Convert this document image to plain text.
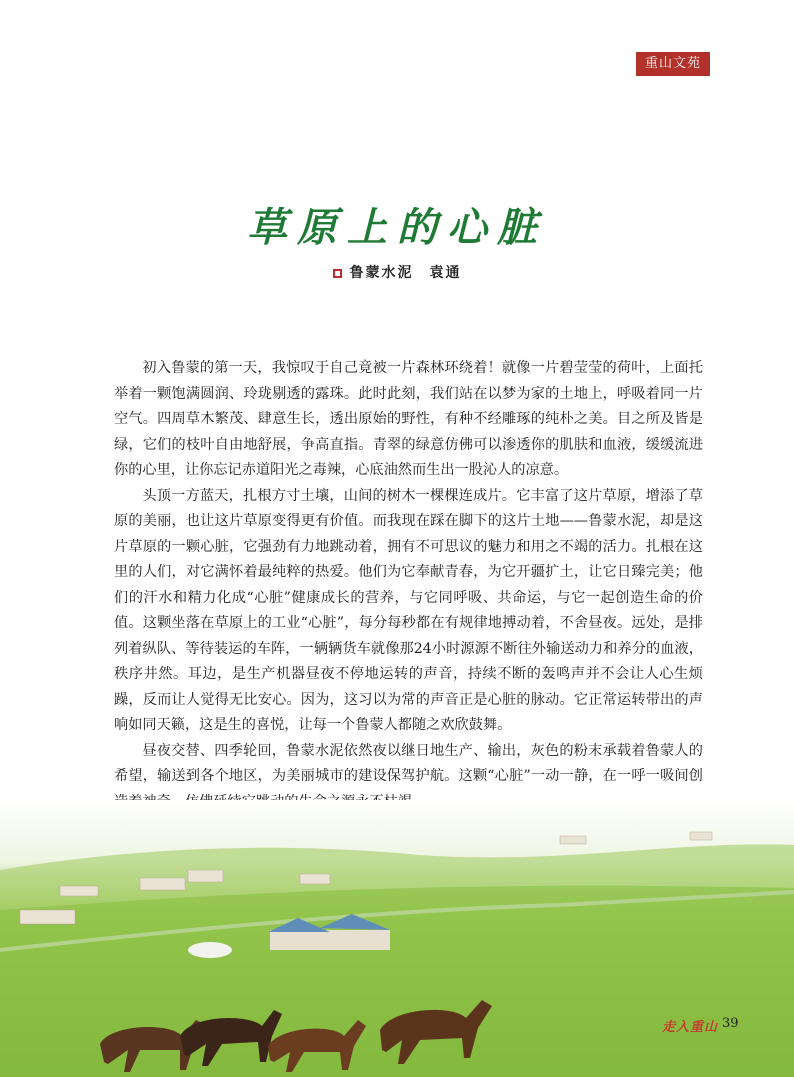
重山文苑
草原上的心脏
鲁蒙水泥 袁通

初入鲁蒙的第一天，我惊叹于自己竟被一片森林环绕着！就像一片碧莹莹的荷叶，上面托举着一颗饱满圆润、玲珑剔透的露珠。此时此刻，我们站在以梦为家的土地上，呼吸着同一片空气。四周草木繁茂、肆意生长，透出原始的野性，有种不经雕琢的纯朴之美。目之所及皆是绿，它们的枝叶自由地舒展，争高直指。青翠的绿意仿佛可以渗透你的肌肤和血液，缓缓流进你的心里，让你忘记赤道阳光之毒辣，心底油然而生出一股沁人的凉意。

头顶一方蓝天，扎根方寸土壤，山间的树木一棵棵连成片。它丰富了这片草原，增添了草原的美丽，也让这片草原变得更有价值。而我现在踩在脚下的这片土地——鲁蒙水泥，却是这片草原的一颗心脏，它强劲有力地跳动着，拥有不可思议的魅力和用之不竭的活力。扎根在这里的人们，对它满怀着最纯粹的热爱。他们为它奉献青春，为它开疆扩土，让它日臻完美；他们的汗水和精力化成“心脏”健康成长的营养，与它同呼吸、共命运，与它一起创造生命的价值。这颗坐落在草原上的工业“心脏”，每分每秒都在有规律地搏动着，不舍昼夜。远处，是排列着纵队、等待装运的车阵，一辆辆货车就像那24小时源源不断往外输送动力和养分的血液，秩序井然。耳边，是生产机器昼夜不停地运转的声音，持续不断的轰鸣声并不会让人心生烦躁，反而让人觉得无比安心。因为，这习以为常的声音正是心脏的脉动。它正常运转带出的声响如同天籁，这是生的喜悦，让每一个鲁蒙人都随之欢欣鼓舞。

昼夜交替、四季轮回，鲁蒙水泥依然夜以继日地生产、输出，灰色的粉末承载着鲁蒙人的希望，输送到各个地区，为美丽城市的建设保驾护航。这颗“心脏”一动一静，在一呼一吸间创

走入重山 39
